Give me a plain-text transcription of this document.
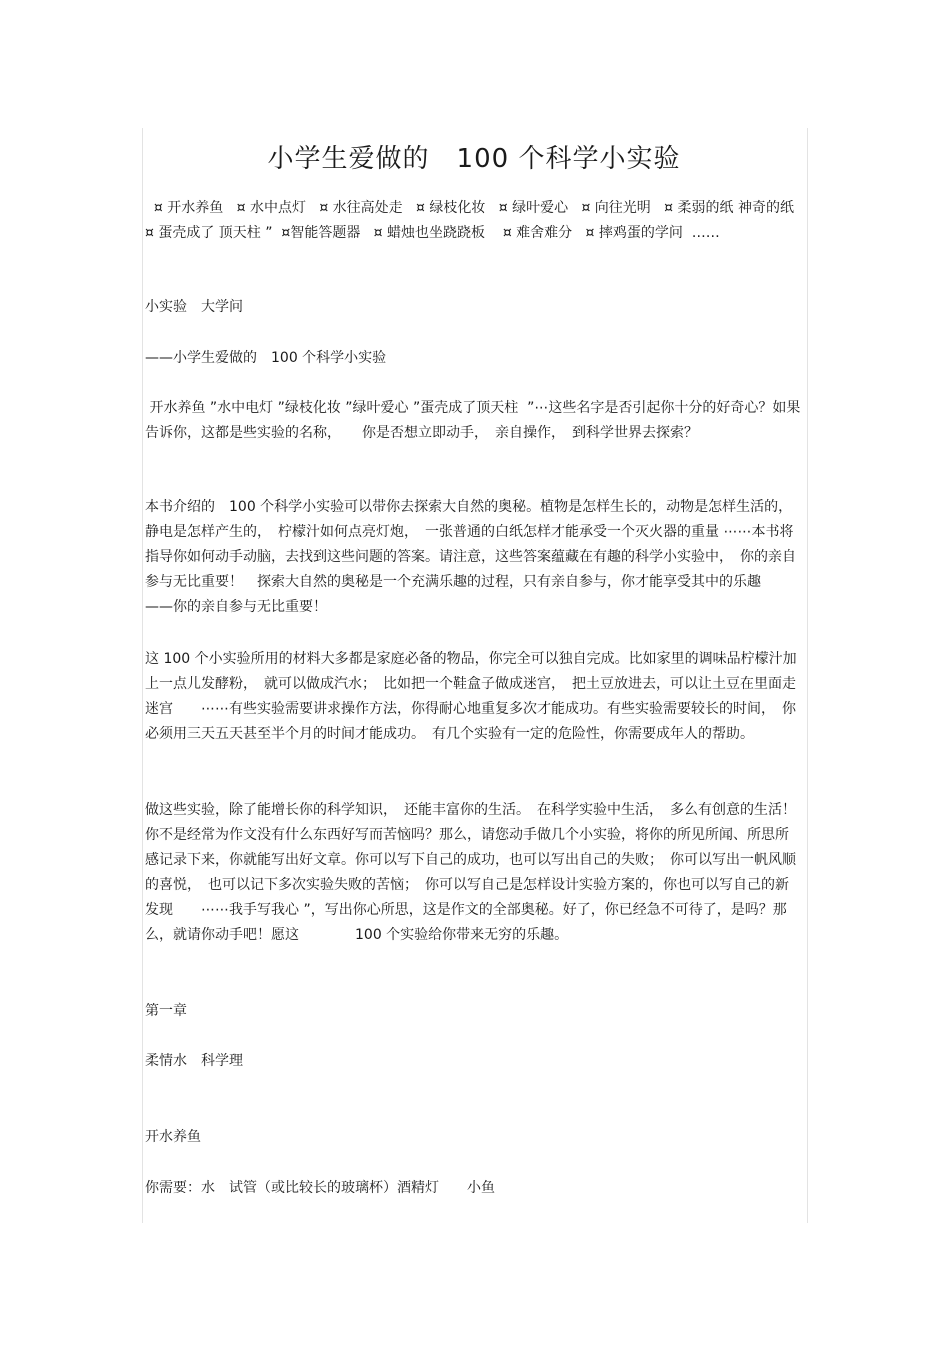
小学生爱做的　100 个科学小实验

¤ 开水养鱼   ¤ 水中点灯   ¤ 水往高处走   ¤ 绿枝化妆   ¤ 绿叶爱心   ¤ 向往光明   ¤ 柔弱的纸 神奇的纸   ¤ 蛋壳成了 顶天柱 ”  ¤智能答题器   ¤ 蜡烛也坐跷跷板    ¤ 难舍难分   ¤ 摔鸡蛋的学问  ……

小实验　大学问

——小学生爱做的　100 个科学小实验

开水养鱼 ”水中电灯 ”绿枝化妆 ”绿叶爱心 ”蛋壳成了顶天柱  ”⋯这些名字是否引起你十分的好奇心？如果告诉你，这都是些实验的名称，　　你是否想立即动手，　亲自操作，　到科学世界去探索？

本书介绍的　100 个科学小实验可以带你去探索大自然的奥秘。植物是怎样生长的，动物是怎样生活的，　静电是怎样产生的，　柠檬汁如何点亮灯炮，　一张普通的白纸怎样才能承受一个灭火器的重量 ⋯⋯本书将指导你如何动手动脑，去找到这些问题的答案。请注意，这些答案蕴藏在有趣的科学小实验中，　你的亲自参与无比重要！　探索大自然的奥秘是一个充满乐趣的过程，只有亲自参与，你才能享受其中的乐趣　　——你的亲自参与无比重要！

这 100 个小实验所用的材料大多都是家庭必备的物品，你完全可以独自完成。比如家里的调味品柠檬汁加上一点儿发酵粉，　就可以做成汽水；　比如把一个鞋盒子做成迷宫，　把土豆放进去，可以让土豆在里面走迷宫　　⋯⋯有些实验需要讲求操作方法，你得耐心地重复多次才能成功。有些实验需要较长的时间，　你必须用三天五天甚至半个月的时间才能成功。　有几个实验有一定的危险性，你需要成年人的帮助。

做这些实验，除了能增长你的科学知识，　还能丰富你的生活。　在科学实验中生活，　多么有创意的生活！你不是经常为作文没有什么东西好写而苦恼吗？那么，请您动手做几个小实验，将你的所见所闻、所思所感记录下来，你就能写出好文章。你可以写下自己的成功，也可以写出自己的失败；　你可以写出一帆风顺的喜悦，　也可以记下多次实验失败的苦恼；　你可以写自己是怎样设计实验方案的，你也可以写自己的新发现　　⋯⋯我手写我心 ”，写出你心所思，这是作文的全部奥秘。好了，你已经急不可待了，是吗？那么，就请你动手吧！愿这　　　　100 个实验给你带来无穷的乐趣。

第一章

柔情水　科学理

开水养鱼

你需要：水　试管（或比较长的玻璃杯）酒精灯　　小鱼
